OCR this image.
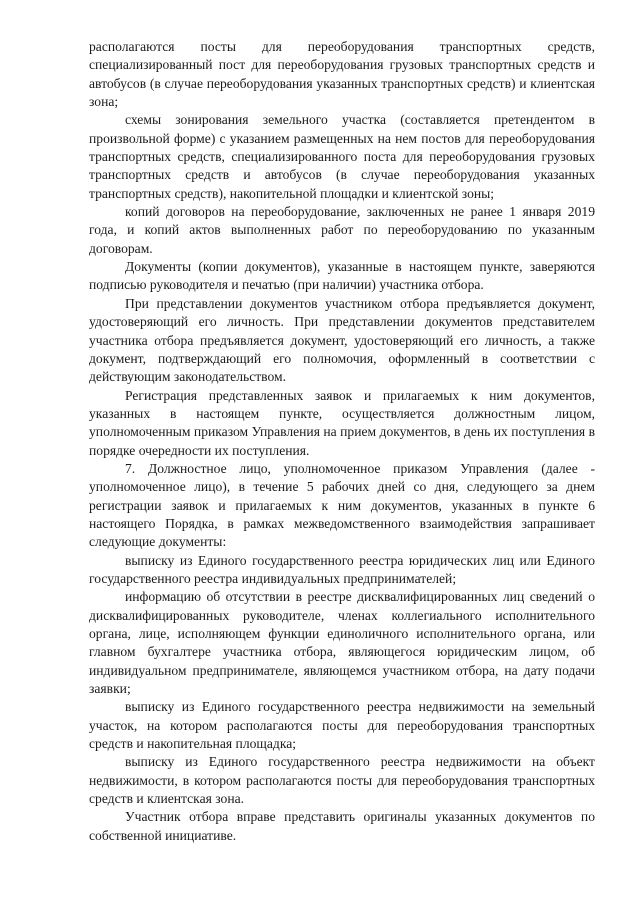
располагаются посты для переоборудования транспортных средств, специализированный пост для переоборудования грузовых транспортных средств и автобусов (в случае переоборудования указанных транспортных средств) и клиентская зона;

схемы зонирования земельного участка (составляется претендентом в произвольной форме) с указанием размещенных на нем постов для переоборудования транспортных средств, специализированного поста для переоборудования грузовых транспортных средств и автобусов (в случае переоборудования указанных транспортных средств), накопительной площадки и клиентской зоны;

копий договоров на переоборудование, заключенных не ранее 1 января 2019 года, и копий актов выполненных работ по переоборудованию по указанным договорам.

Документы (копии документов), указанные в настоящем пункте, заверяются подписью руководителя и печатью (при наличии) участника отбора.

При представлении документов участником отбора предъявляется документ, удостоверяющий его личность. При представлении документов представителем участника отбора предъявляется документ, удостоверяющий его личность, а также документ, подтверждающий его полномочия, оформленный в соответствии с действующим законодательством.

Регистрация представленных заявок и прилагаемых к ним документов, указанных в настоящем пункте, осуществляется должностным лицом, уполномоченным приказом Управления на прием документов, в день их поступления в порядке очередности их поступления.

7. Должностное лицо, уполномоченное приказом Управления (далее - уполномоченное лицо), в течение 5 рабочих дней со дня, следующего за днем регистрации заявок и прилагаемых к ним документов, указанных в пункте 6 настоящего Порядка, в рамках межведомственного взаимодействия запрашивает следующие документы:

выписку из Единого государственного реестра юридических лиц или Единого государственного реестра индивидуальных предпринимателей;

информацию об отсутствии в реестре дисквалифицированных лиц сведений о дисквалифицированных руководителе, членах коллегиального исполнительного органа, лице, исполняющем функции единоличного исполнительного органа, или главном бухгалтере участника отбора, являющегося юридическим лицом, об индивидуальном предпринимателе, являющемся участником отбора, на дату подачи заявки;

выписку из Единого государственного реестра недвижимости на земельный участок, на котором располагаются посты для переоборудования транспортных средств и накопительная площадка;

выписку из Единого государственного реестра недвижимости на объект недвижимости, в котором располагаются посты для переоборудования транспортных средств и клиентская зона.

Участник отбора вправе представить оригиналы указанных документов по собственной инициативе.
